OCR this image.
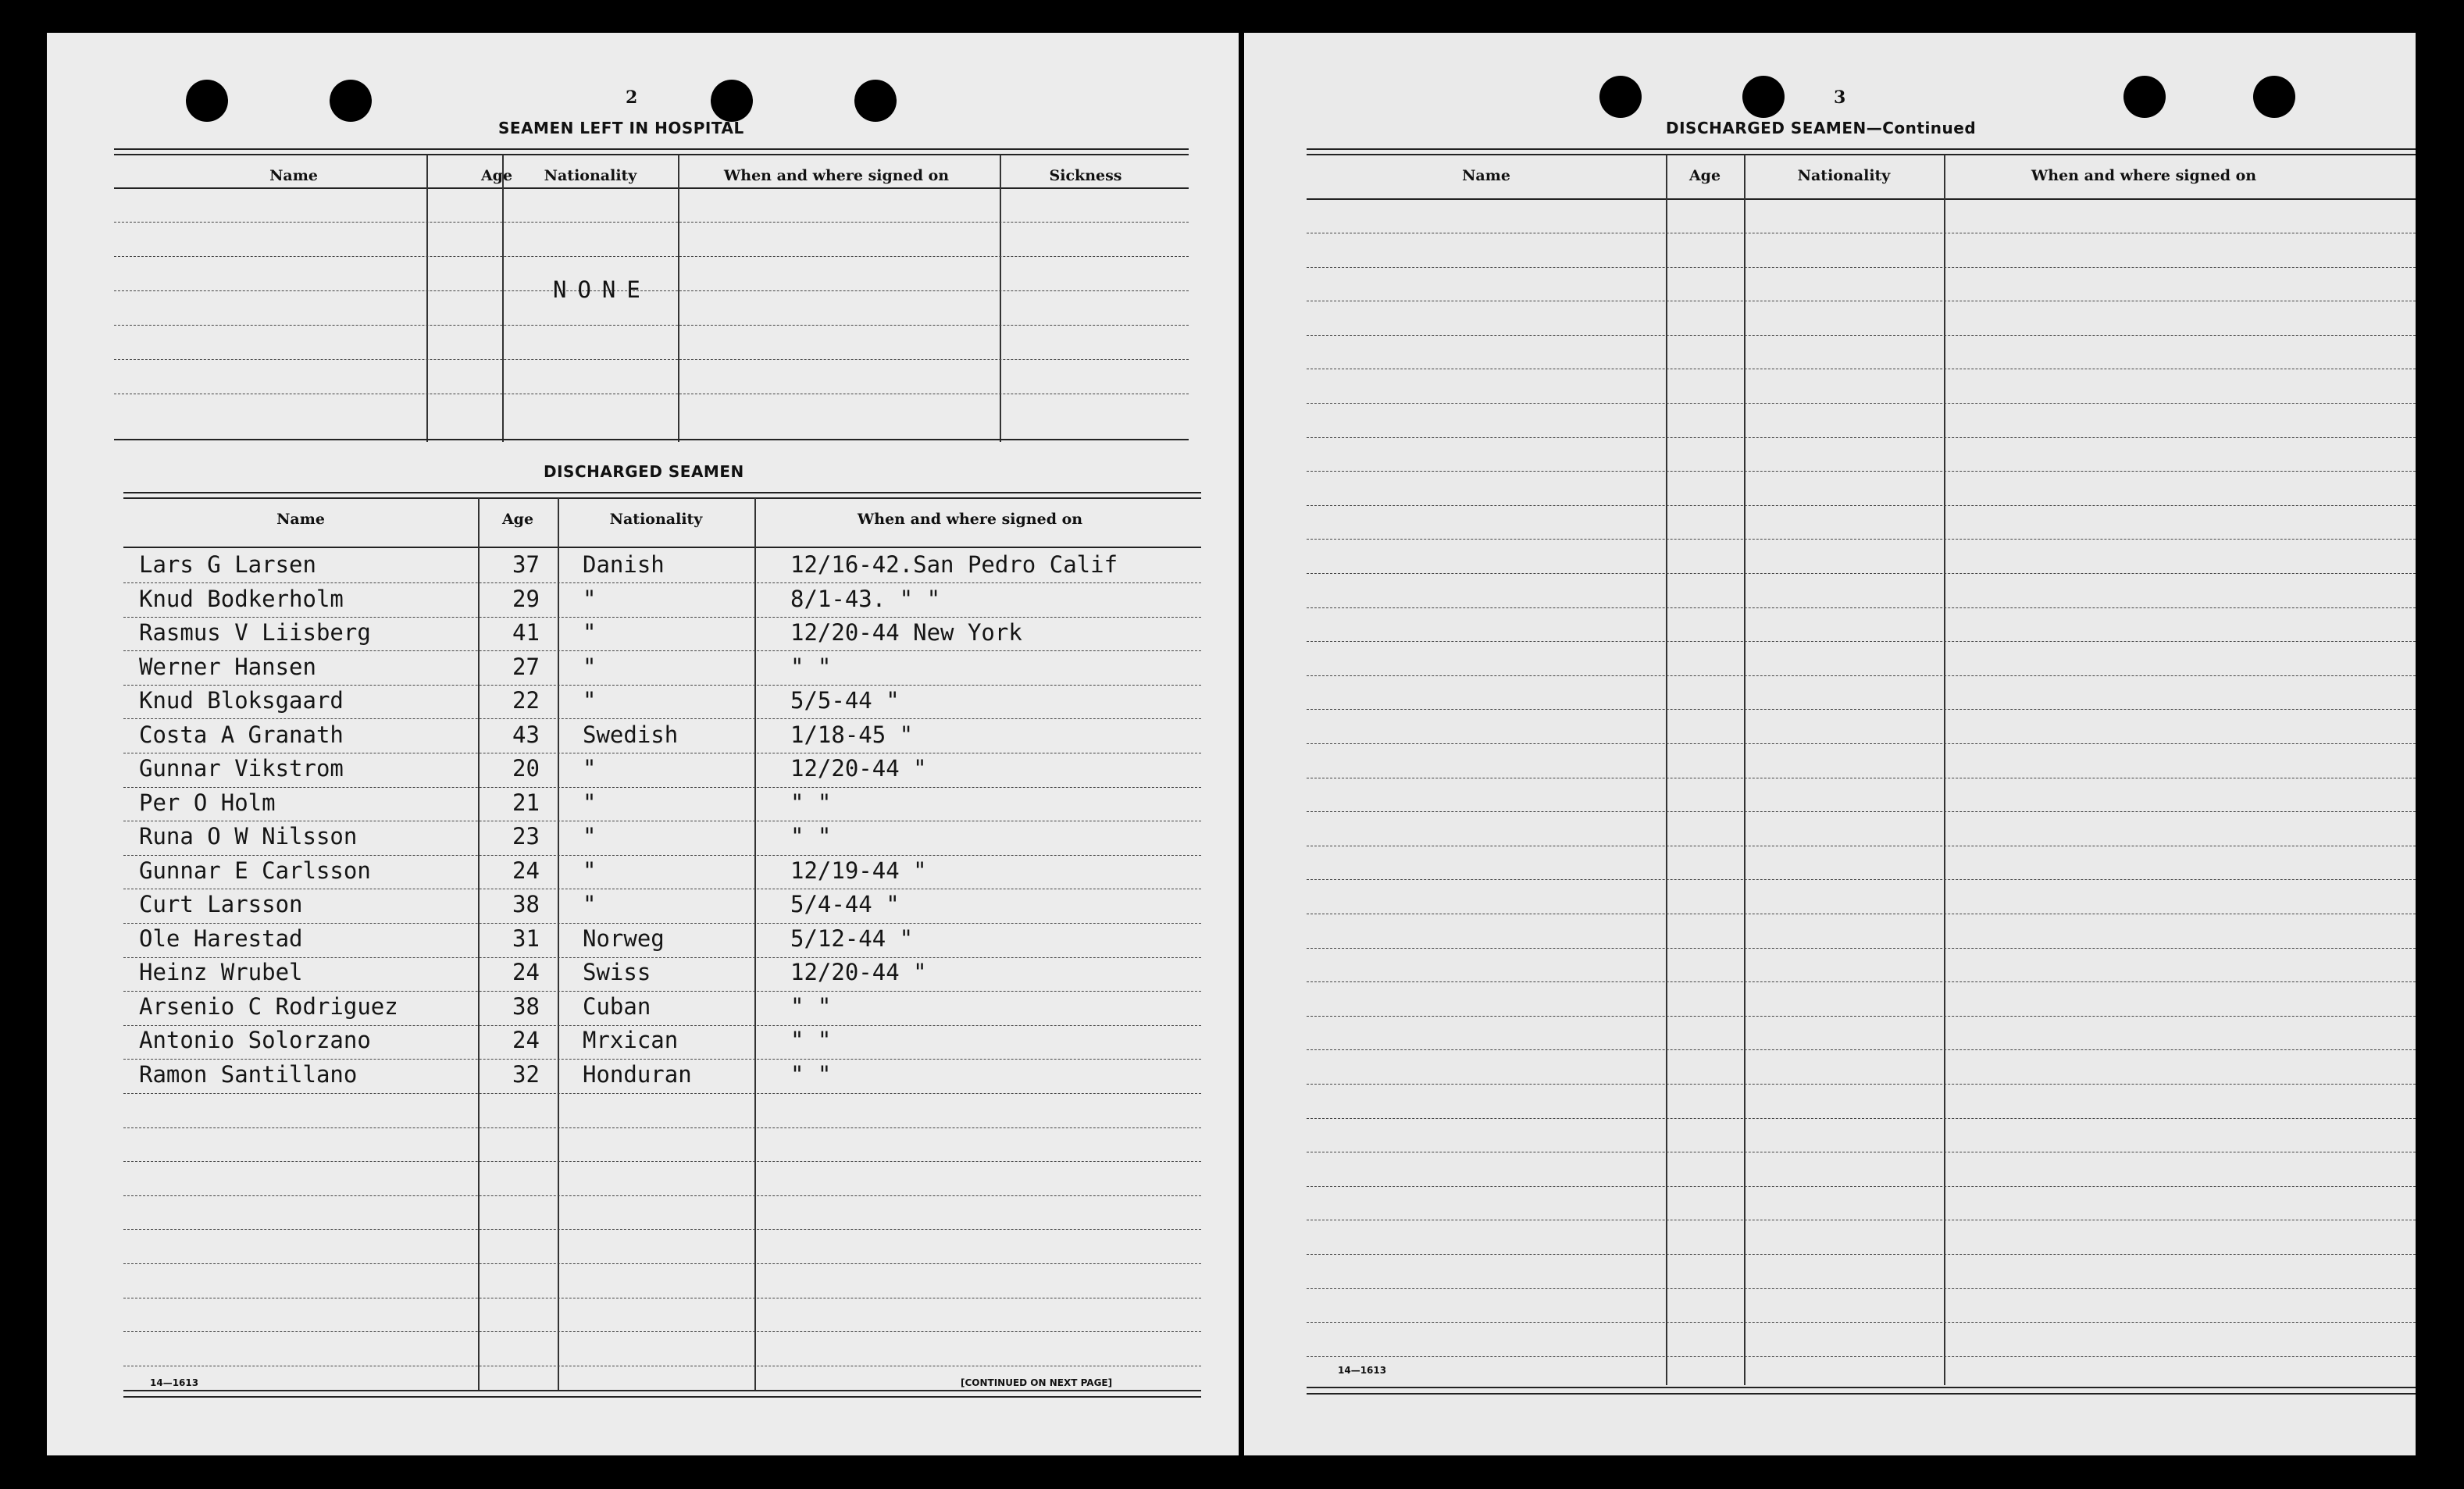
2
SEAMEN LEFT IN HOSPITAL
Name	Age	Nationality	When and where signed on	Sickness
NONE
DISCHARGED SEAMEN
Name	Age	Nationality	When and where signed on
Lars G Larsen	37 Danish	12/16-42.San Pedro Calif
Knud Bodkerholm	29 "	8/1-43. " "
Rasmus V Liisberg	41 "	12/20-44 New York
Werner Hansen	27 "	" "
Knud Bloksgaard	22 "	5/5-44 "
Costa A Granath	43 Swedish	1/18-45 "
Gunnar Vikstrom	20 "	12/20-44 "
Per O Holm	21 "	" "
Runa O W Nilsson	23 "	" "
Gunnar E Carlsson	24 "	12/19-44 "
Curt Larsson	38 "	5/4-44 "
Ole Harestad	31 Norweg	5/12-44 "
Heinz Wrubel	24 Swiss	12/20-44 "
Arsenio C Rodriguez	38 Cuban	" "
Antonio Solorzano	24 Mrxican	" "
Ramon Santillano	32 Honduran	" "
14—1613	[CONTINUED ON NEXT PAGE]
3
DISCHARGED SEAMEN—Continued
Name	Age	Nationality	When and where signed on
14—1613
